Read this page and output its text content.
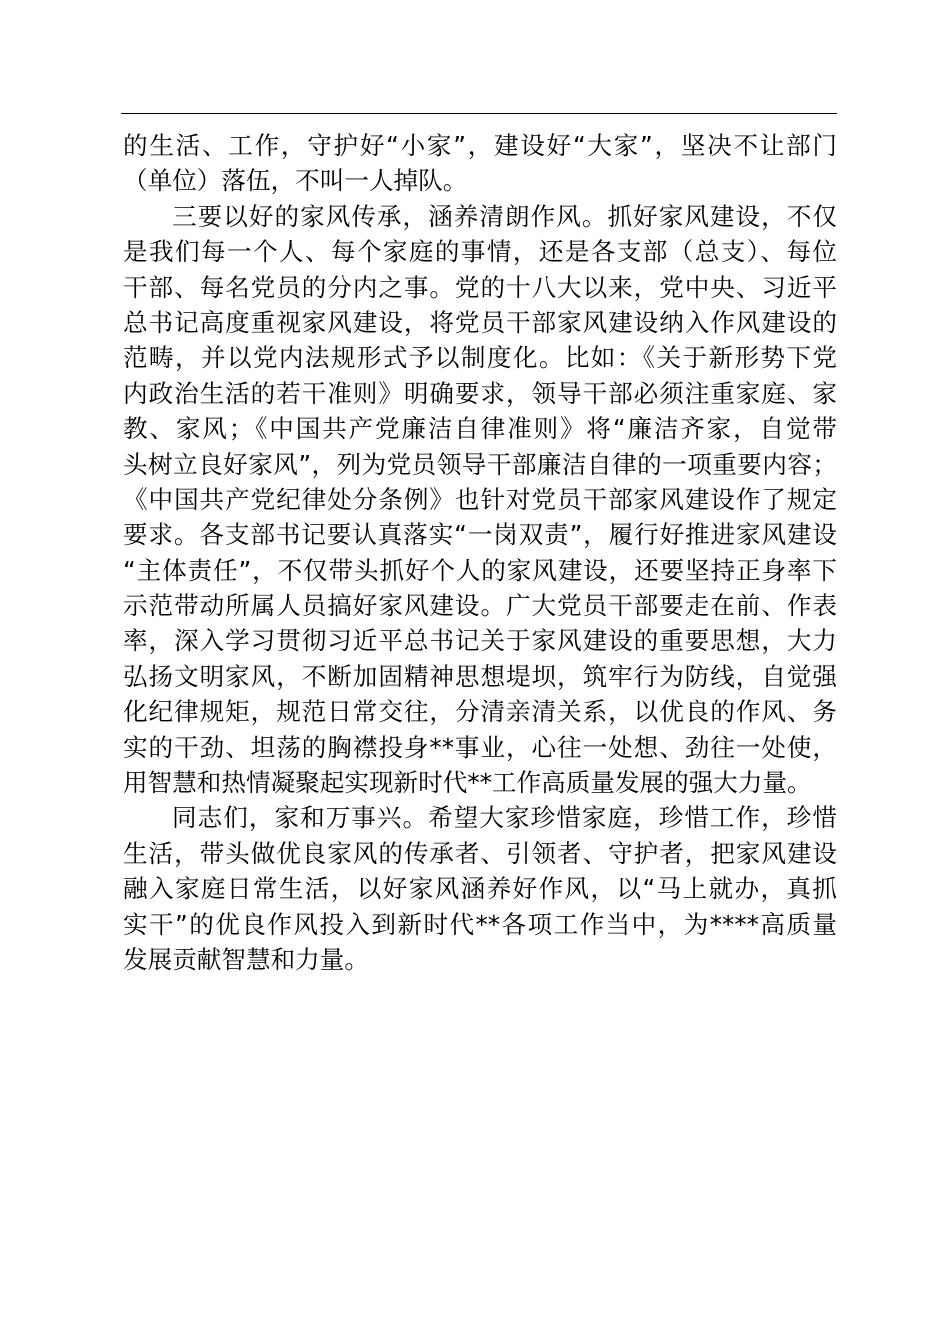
的生活、工作，守护好“小家”，建设好“大家”，坚决不让部门
（单位）落伍，不叫一人掉队。
三要以好的家风传承，涵养清朗作风。抓好家风建设，不仅
是我们每一个人、每个家庭的事情，还是各支部（总支）、每位
干部、每名党员的分内之事。党的十八大以来，党中央、习近平
总书记高度重视家风建设，将党员干部家风建设纳入作风建设的
范畴，并以党内法规形式予以制度化。比如：《关于新形势下党
内政治生活的若干准则》明确要求，领导干部必须注重家庭、家
教、家风；《中国共产党廉洁自律准则》将“廉洁齐家，自觉带
头树立良好家风”，列为党员领导干部廉洁自律的一项重要内容；
《中国共产党纪律处分条例》也针对党员干部家风建设作了规定
要求。各支部书记要认真落实“一岗双责”，履行好推进家风建设
“主体责任”，不仅带头抓好个人的家风建设，还要坚持正身率下
示范带动所属人员搞好家风建设。广大党员干部要走在前、作表
率，深入学习贯彻习近平总书记关于家风建设的重要思想，大力
弘扬文明家风，不断加固精神思想堤坝，筑牢行为防线，自觉强
化纪律规矩，规范日常交往，分清亲清关系，以优良的作风、务
实的干劲、坦荡的胸襟投身**事业，心往一处想、劲往一处使，
用智慧和热情凝聚起实现新时代**工作高质量发展的强大力量。
同志们，家和万事兴。希望大家珍惜家庭，珍惜工作，珍惜
生活，带头做优良家风的传承者、引领者、守护者，把家风建设
融入家庭日常生活，以好家风涵养好作风，以“马上就办，真抓
实干”的优良作风投入到新时代**各项工作当中，为****高质量
发展贡献智慧和力量。
